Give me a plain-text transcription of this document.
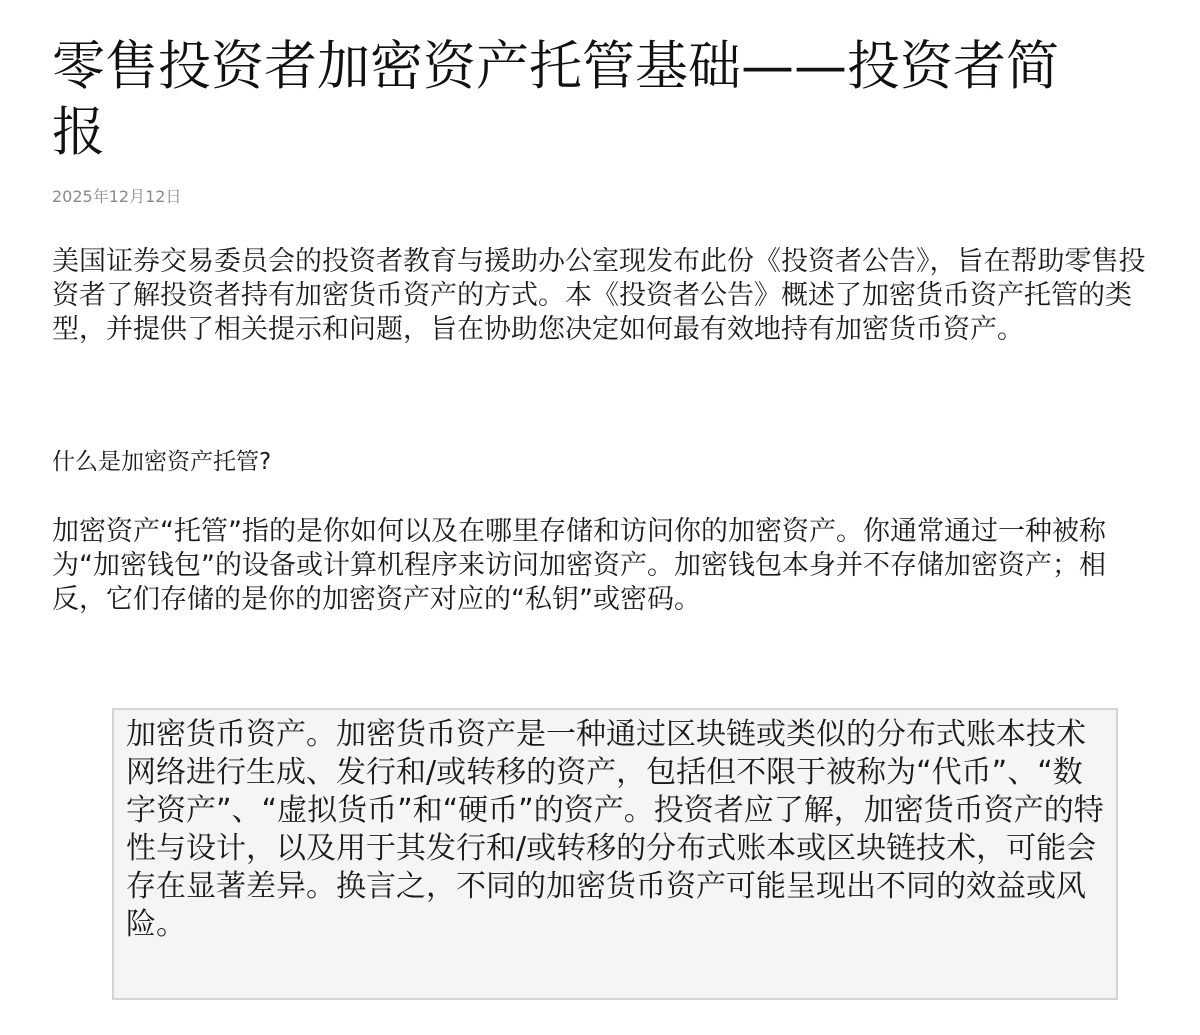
零售投资者加密资产托管基础——投资者简报
2025年12月12日

美国证券交易委员会的投资者教育与援助办公室现发布此份《投资者公告》，旨在帮助零售投资者了解投资者持有加密货币资产的方式。本《投资者公告》概述了加密货币资产托管的类型，并提供了相关提示和问题，旨在协助您决定如何最有效地持有加密货币资产。

什么是加密资产托管?

加密资产“托管”指的是你如何以及在哪里存储和访问你的加密资产。你通常通过一种被称为“加密钱包”的设备或计算机程序来访问加密资产。加密钱包本身并不存储加密资产；相反，它们存储的是你的加密资产对应的“私钥”或密码。

加密货币资产。加密货币资产是一种通过区块链或类似的分布式账本技术网络进行生成、发行和/或转移的资产，包括但不限于被称为“代币”、“数字资产”、“虚拟货币”和“硬币”的资产。投资者应了解，加密货币资产的特性与设计，以及用于其发行和/或转移的分布式账本或区块链技术，可能会存在显著差异。换言之，不同的加密货币资产可能呈现出不同的效益或风险。
